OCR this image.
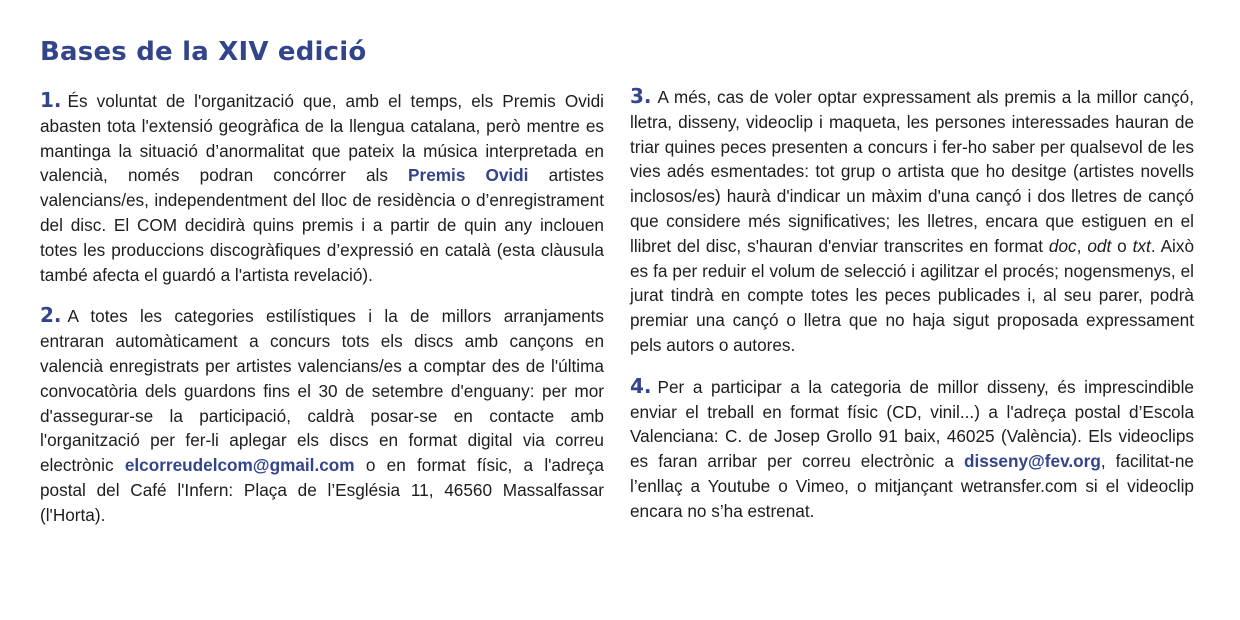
Bases de la XIV edició

1. És voluntat de l'organització que, amb el temps, els Premis Ovidi abasten tota l'extensió geogràfica de la llengua catalana, però mentre es mantinga la situació d’anormalitat que pateix la música interpretada en valencià, només podran concórrer als Premis Ovidi artistes valencians/es, independentment del lloc de residència o d’enregistrament del disc. El COM decidirà quins premis i a partir de quin any inclouen totes les produccions discogràfiques d’expressió en català (esta clàusula també afecta el guardó a l'artista revelació).

2. A totes les categories estilístiques i la de millors arranjaments entraran automàticament a concurs tots els discs amb cançons en valencià enregistrats per artistes valencians/es a comptar des de l'última convocatòria dels guardons fins el 30 de setembre d'enguany: per mor d'assegurar-se la participació, caldrà posar-se en contacte amb l'organització per fer-li aplegar els discs en format digital via correu electrònic elcorreudelcom@gmail.com o en format físic, a l'adreça postal del Café l'Infern: Plaça de l’Església 11, 46560 Massalfassar (l'Horta).

3. A més, cas de voler optar expressament als premis a la millor cançó, lletra, disseny, videoclip i maqueta, les persones interessades hauran de triar quines peces presenten a concurs i fer-ho saber per qualsevol de les vies adés esmentades: tot grup o artista que ho desitge (artistes novells inclosos/es) haurà d'indicar un màxim d'una cançó i dos lletres de cançó que considere més significatives; les lletres, encara que estiguen en el llibret del disc, s'hauran d'enviar transcrites en format doc, odt o txt. Això es fa per reduir el volum de selecció i agilitzar el procés; nogensmenys, el jurat tindrà en compte totes les peces publicades i, al seu parer, podrà premiar una cançó o lletra que no haja sigut proposada expressament pels autors o autores.

4. Per a participar a la categoria de millor disseny, és imprescindible enviar el treball en format físic (CD, vinil...) a l'adreça postal d’Escola Valenciana: C. de Josep Grollo 91 baix, 46025 (València). Els videoclips es faran arribar per correu electrònic a disseny@fev.org, facilitat-ne l’enllaç a Youtube o Vimeo, o mitjançant wetransfer.com si el videoclip encara no s’ha estrenat.
